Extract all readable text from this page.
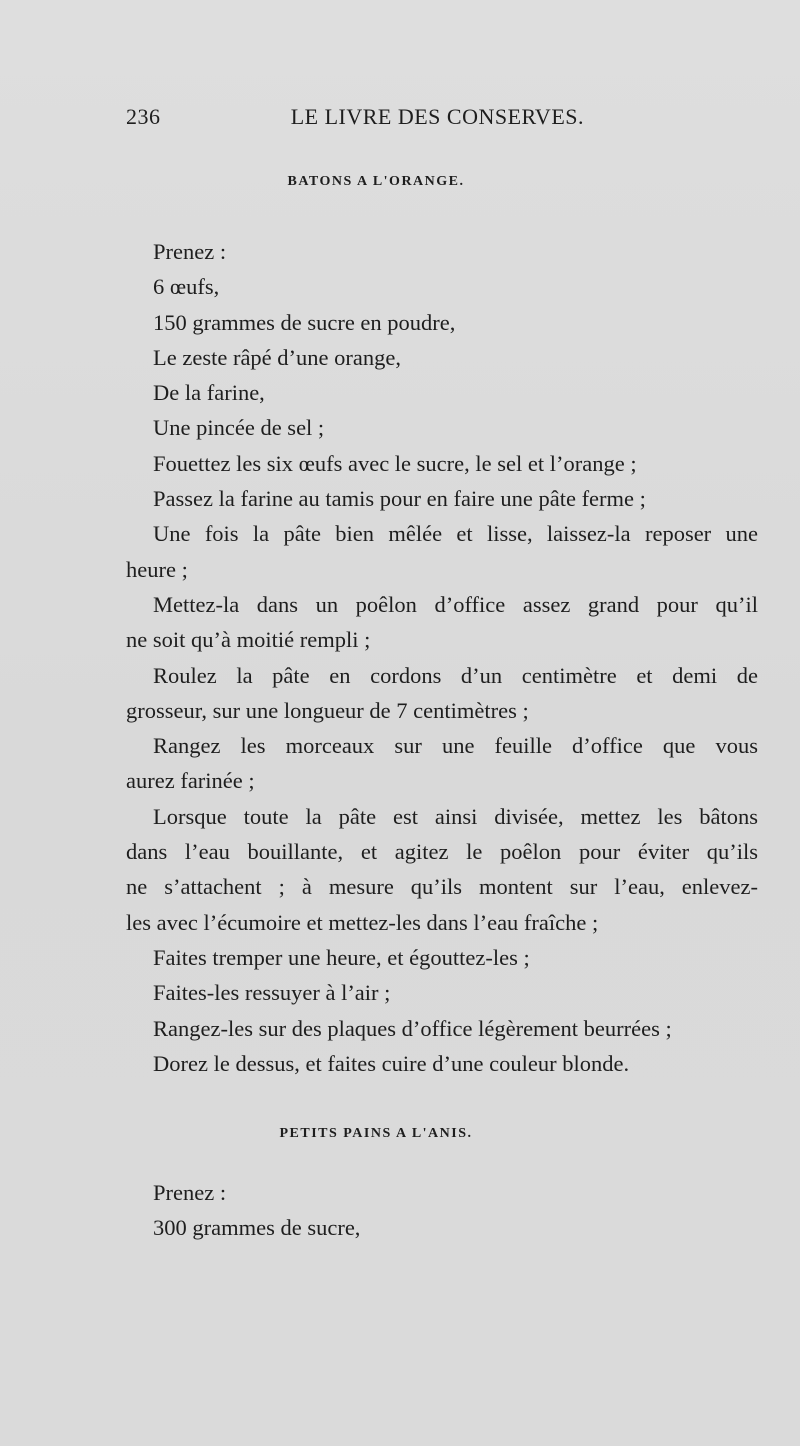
236	LE LIVRE DES CONSERVES.
BATONS A L'ORANGE.
Prenez :
6 œufs,
150 grammes de sucre en poudre,
Le zeste râpé d’une orange,
De la farine,
Une pincée de sel ;
Fouettez les six œufs avec le sucre, le sel et l’orange ;
Passez la farine au tamis pour en faire une pâte ferme ;
Une fois la pâte bien mêlée et lisse, laissez-la reposer une
heure ;
Mettez-la dans un poêlon d’office assez grand pour qu’il
ne soit qu’à moitié rempli ;
Roulez la pâte en cordons d’un centimètre et demi de
grosseur, sur une longueur de 7 centimètres ;
Rangez les morceaux sur une feuille d’office que vous
aurez farinée ;
Lorsque toute la pâte est ainsi divisée, mettez les bâtons
dans l’eau bouillante, et agitez le poêlon pour éviter qu’ils
ne s’attachent ; à mesure qu’ils montent sur l’eau, enlevez-
les avec l’écumoire et mettez-les dans l’eau fraîche ;
Faites tremper une heure, et égouttez-les ;
Faites-les ressuyer à l’air ;
Rangez-les sur des plaques d’office légèrement beurrées ;
Dorez le dessus, et faites cuire d’une couleur blonde.
PETITS PAINS A L'ANIS.
Prenez :
300 grammes de sucre,
